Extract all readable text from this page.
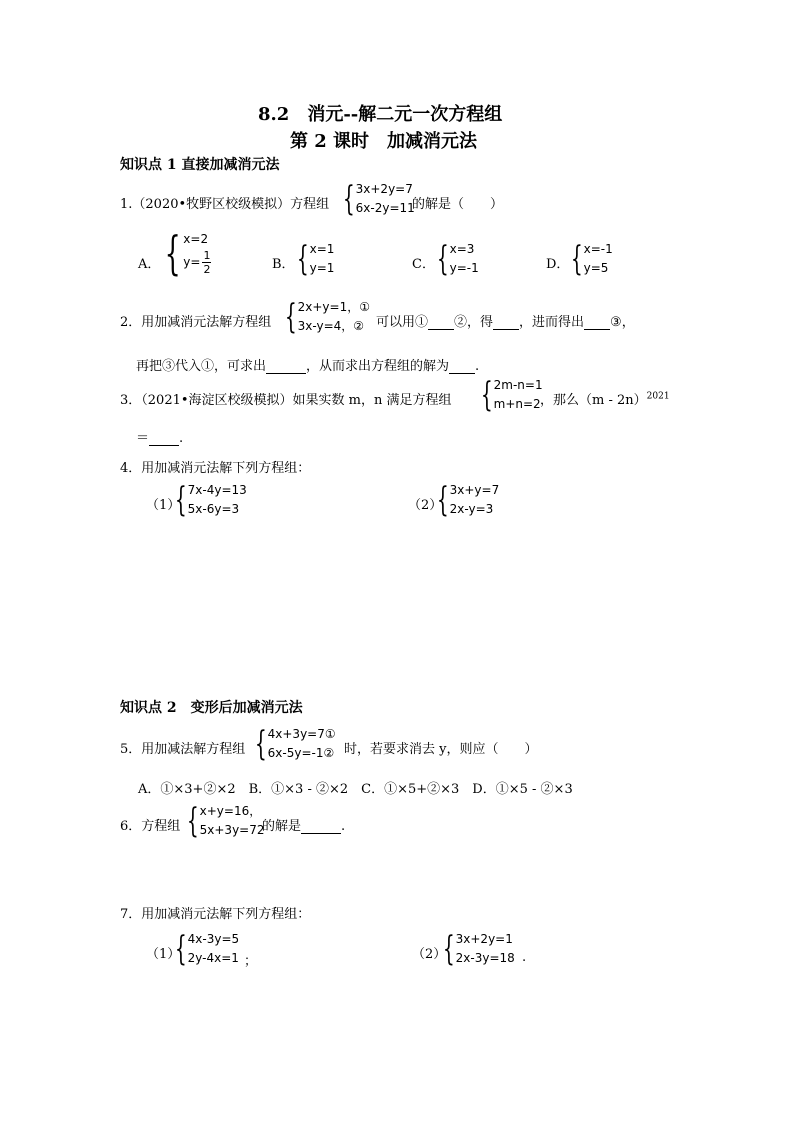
8.2　消元--解二元一次方程组
第 2 课时　加减消元法
知识点 1 直接加减消元法
1.（2020•牧野区校级模拟）方程组 { 3x+2y=7
6x-2y=11
的解是（　　）
A． { x=2
$y= \frac{1}{2}$	B． { x=1
y=1	C． { x=3
y=-1	D． { x=-1
y=5
2．用加减消元法解方程组 { 2x+y=1，①
3x-y=4，② 可以用① ②，得 ，进而得出 ③，
再把③代入①，可求出	，从而求出方程组的解为 .
3．（2021•海淀区校级模拟）如果实数 m，n 满足方程组 { 2m-n=1
m+n=2 ，那么（m - 2n）$^{2021}$
＝ .
4．用加减消元法解下列方程组：
（1）
{ 7x-4y=13
5x-6y=3	（2）
{ 3x+y=7
2x-y=3
知识点 2　变形后加减消元法
5．用加减法解方程组 { 4x+3y=7①
6x-5y=-1② 时，若要求消去 y，则应（　　）
A．①×3+②×2　B．①×3 - ②×2　C．①×5+②×3　D．①×5 - ②×3
6．方程组 { x+y=16，
5x+3y=72
的解是	.
7．用加减消元法解下列方程组：
（1）
{ 4x-3y=5
2y-4x=1 ；	（2）
{ 3x+2y=1
2x-3y=18 .
